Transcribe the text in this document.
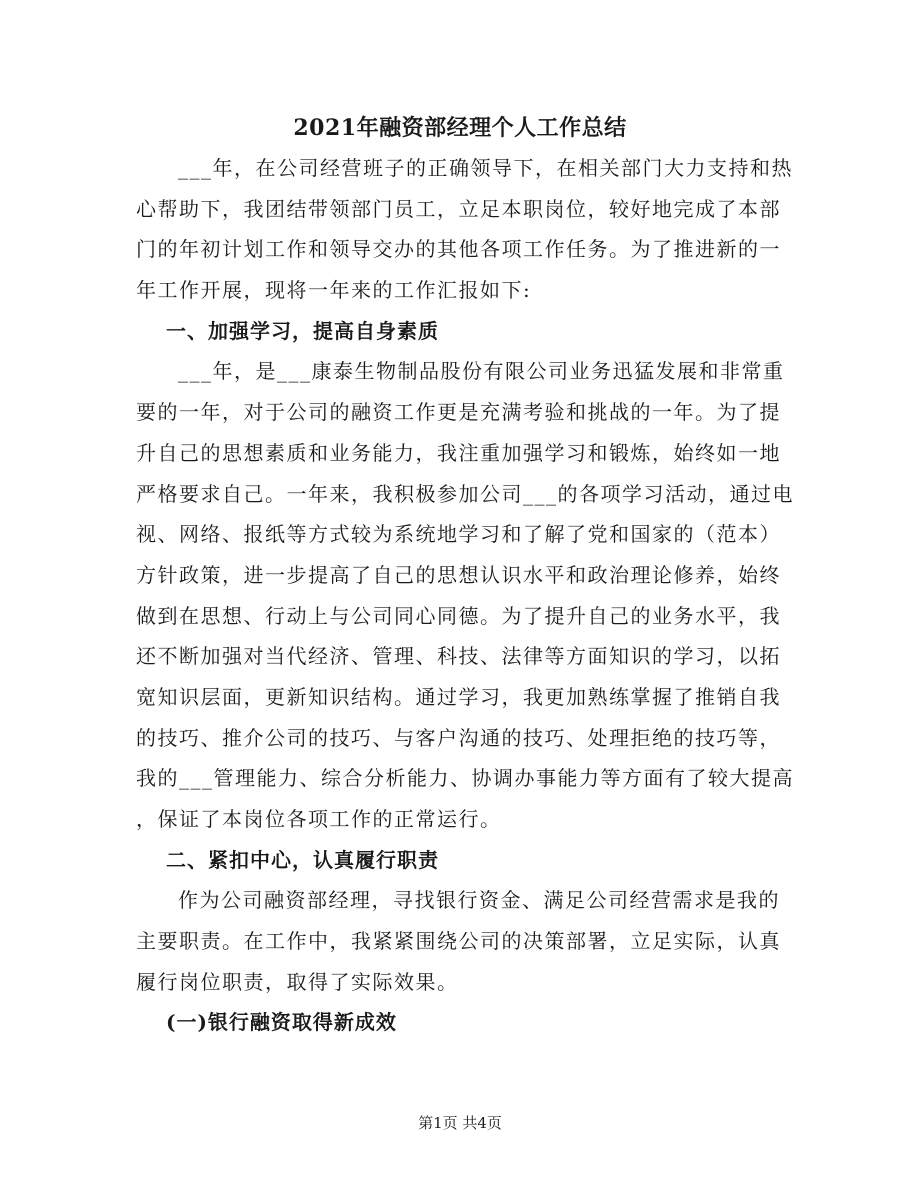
2021年融资部经理个人工作总结
___年，在公司经营班子的正确领导下，在相关部门大力支持和热
心帮助下，我团结带领部门员工，立足本职岗位，较好地完成了本部
门的年初计划工作和领导交办的其他各项工作任务。为了推进新的一
年工作开展，现将一年来的工作汇报如下:
一、加强学习，提高自身素质
___年，是___康泰生物制品股份有限公司业务迅猛发展和非常重
要的一年，对于公司的融资工作更是充满考验和挑战的一年。为了提
升自己的思想素质和业务能力，我注重加强学习和锻炼，始终如一地
严格要求自己。一年来，我积极参加公司___的各项学习活动，通过电
视、网络、报纸等方式较为系统地学习和了解了党和国家的（范本）
方针政策，进一步提高了自己的思想认识水平和政治理论修养，始终
做到在思想、行动上与公司同心同德。为了提升自己的业务水平，我
还不断加强对当代经济、管理、科技、法律等方面知识的学习，以拓
宽知识层面，更新知识结构。通过学习，我更加熟练掌握了推销自我
的技巧、推介公司的技巧、与客户沟通的技巧、处理拒绝的技巧等，
我的___管理能力、综合分析能力、协调办事能力等方面有了较大提高
，保证了本岗位各项工作的正常运行。
二、紧扣中心，认真履行职责
作为公司融资部经理，寻找银行资金、满足公司经营需求是我的
主要职责。在工作中，我紧紧围绕公司的决策部署，立足实际，认真
履行岗位职责，取得了实际效果。
(一)银行融资取得新成效
第1页 共4页
